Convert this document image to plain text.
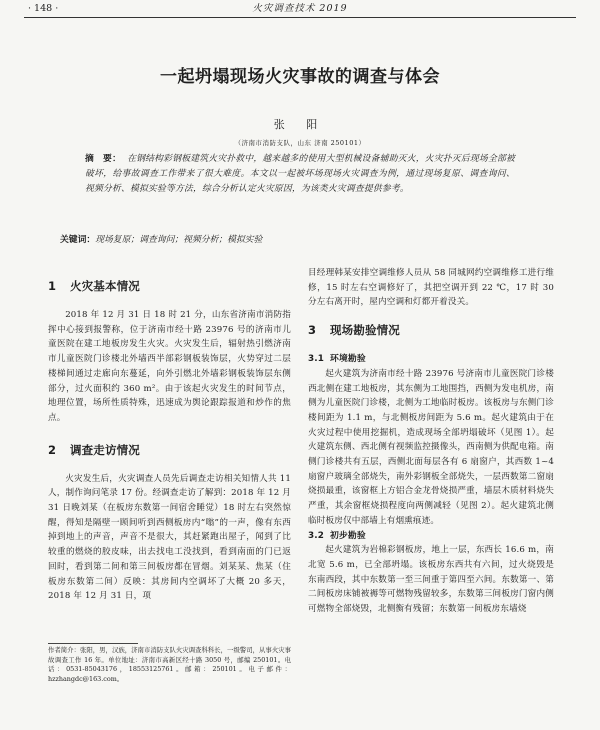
· 148 ·	火灾调查技术 2019
一起坍塌现场火灾事故的调查与体会
张 阳
（济南市消防支队，山东 济南 250101）
摘　要： 在钢结构彩钢板建筑火灾扑救中，越来越多的使用大型机械设备辅助灭火，火灾扑灭后现场全部被破坏，给事故调查工作带来了很大难度。本文以一起被坏场现场火灾调查为例，通过现场复原、调查询问、视频分析、模拟实验等方法，综合分析认定火灾原因，为该类火灾调查提供参考。
关键词：现场复原；调查询问；视频分析；模拟实验
1 火灾基本情况

2018 年 12 月 31 日 18 时 21 分，山东省济南市消防指挥中心接到报警称，位于济南市经十路 23976 号的济南市儿童医院在建工地板房发生火灾。火灾发生后，辐射热引燃济南市儿童医院门诊楼北外墙西半部彩钢板装饰层，火势穿过二层楼梯间通过走廊向东蔓延，向外引燃北外墙彩钢板装饰层东侧部分，过火面积约 360 m²。由于该起火灾发生的时间节点，地理位置，场所性质特殊，迅速成为舆论跟踪报道和炒作的焦点。

2 调查走访情况

火灾发生后，火灾调查人员先后调查走访相关知情人共 11 人，制作询问笔录 17 份。经调查走访了解到：2018 年 12 月 31 日晚刘某（在板房东数第一间宿舍睡觉）18 时左右突然惊醒，得知是隔壁一顾间听到西侧板房内“嗡”的一声，像有东西掉到地上的声音，声音不是很大，其赶紧跑出屋子，闻到了比较重的燃烧的胶皮味，出去找电工没找到，看到南面的门已返回时，看到第二间和第三间板房都在冒烟。刘某某、焦某（住板房东数第二间）反映：其房间内空调坏了大概 20 多天，2018 年 12 月 31 日，项

目经理韩某安排空调维修人员从 58 同城网约空调维修工进行维修，15 时左右空调修好了，其把空调开到 22 ℃，17 时 30 分左右离开时，屋内空调和灯都开着没关。

3 现场勘验情况
3.1 环境勘验

起火建筑为济南市经十路 23976 号济南市儿童医院门诊楼西北侧在建工地板房，其东侧为工地围挡，西侧为发电机房，南侧为儿童医院门诊楼，北侧为工地临时板房。该板房与东侧门诊楼间距为 1.1 m，与北侧板房间距为 5.6 m。起火建筑由于在火灾过程中使用挖掘机，造成现场全部坍塌破坏（见图 1）。起火建筑东侧、西北侧有视频监控摄像头，西南侧为供配电箱。南侧门诊楼共有五层，西侧北面每层各有 6 扇窗户，其西数 1~4 扇窗户玻璃全部烧失，南外彩钢板全部烧失，一层西数第二窗扇烧损最重，该窗框上方铝合金龙骨烧损严重，墙层木质材料烧失严重，其余窗框烧损程度向两侧减轻（见图 2）。起火建筑北侧临时板房仅中部墙上有烟熏痕迹。

3.2 初步勘验

起火建筑为岩棉彩钢板房，地上一层，东西长 16.6 m，南北宽 5.6 m，已全部坍塌。该板房东西共有六间，过火烧毁是东南西段，其中东数第一至三间重于第四至六间。东数第一、第二间板房床铺被褥等可燃物残留较多，东数第三间板房门窗内侧可燃物全部烧毁，北侧衡有残留；东数第一间板房东墙烧

作者简介：张阳，男，汉族，济南市消防支队火灾调查科科长，一级警司，从事火灾事故调查工作 16 年。单位地址：济南市高新区经十路 3050 号，邮编 250101。电话：0531-85043176，18553125761。邮箱：250101。电子邮件：hzzhangdc@163.com。
